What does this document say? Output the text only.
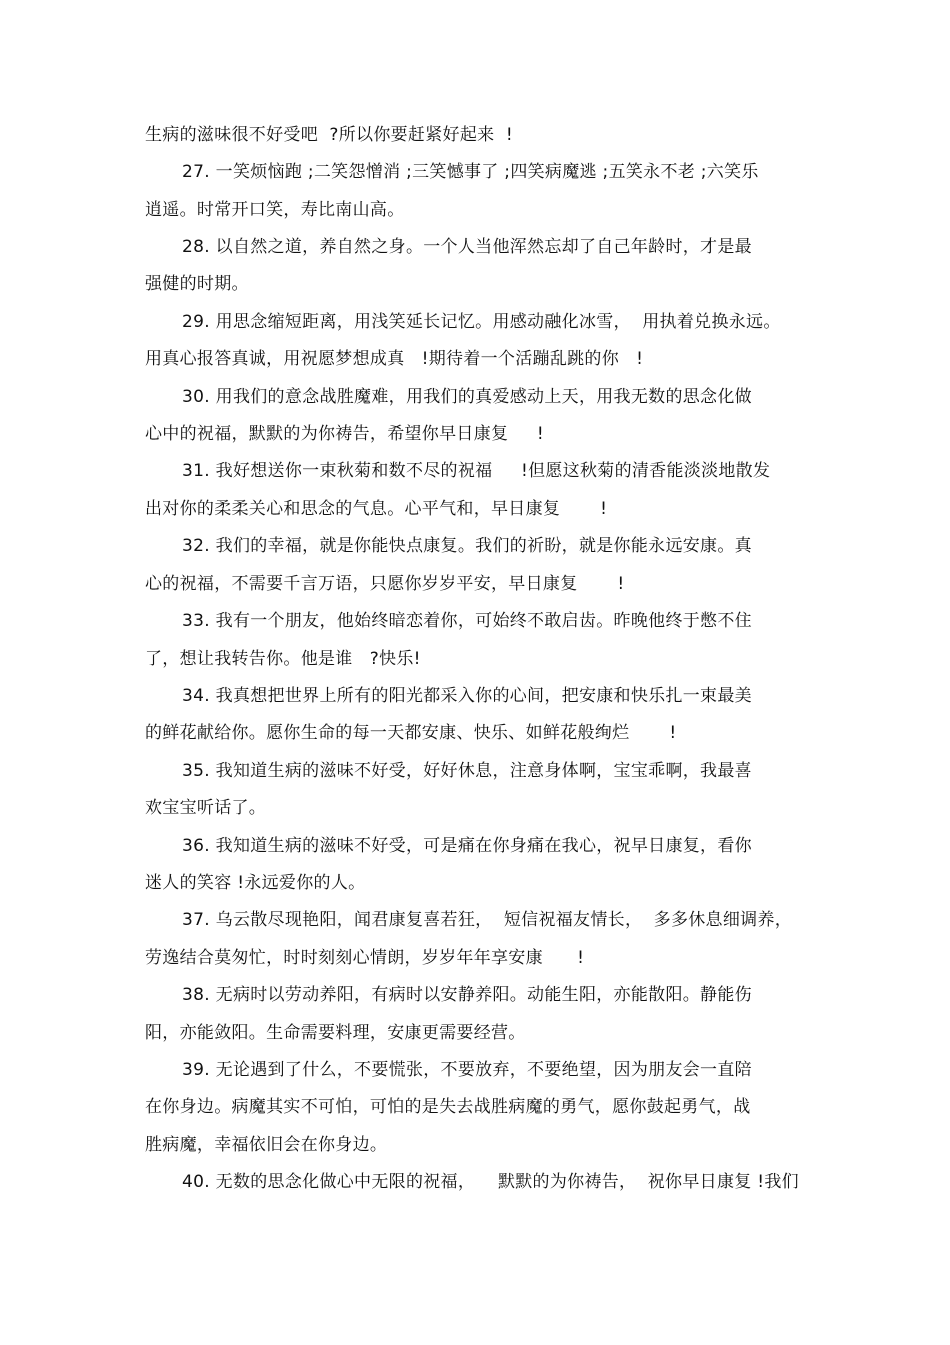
生病的滋味很不好受吧  ?所以你要赶紧好起来  !
27. 一笑烦恼跑 ;二笑怨憎消 ;三笑憾事了 ;四笑病魔逃 ;五笑永不老 ;六笑乐
逍遥。时常开口笑，寿比南山高。
28. 以自然之道，养自然之身。一个人当他浑然忘却了自己年龄时，才是最
强健的时期。
29. 用思念缩短距离，用浅笑延长记忆。用感动融化冰雪，  用执着兑换永远。
用真心报答真诚，用祝愿梦想成真   !期待着一个活蹦乱跳的你   !
30. 用我们的意念战胜魔难，用我们的真爱感动上天，用我无数的思念化做
心中的祝福，默默的为你祷告，希望你早日康复     !
31. 我好想送你一束秋菊和数不尽的祝福     !但愿这秋菊的清香能淡淡地散发
出对你的柔柔关心和思念的气息。心平气和，早日康复       !
32. 我们的幸福，就是你能快点康复。我们的祈盼，就是你能永远安康。真
心的祝福，不需要千言万语，只愿你岁岁平安，早日康复       !
33. 我有一个朋友，他始终暗恋着你，可始终不敢启齿。昨晚他终于憋不住
了，想让我转告你。他是谁   ?快乐!
34. 我真想把世界上所有的阳光都采入你的心间，把安康和快乐扎一束最美
的鲜花献给你。愿你生命的每一天都安康、快乐、如鲜花般绚烂       !
35. 我知道生病的滋味不好受，好好休息，注意身体啊，宝宝乖啊，我最喜
欢宝宝听话了。
36. 我知道生病的滋味不好受，可是痛在你身痛在我心，祝早日康复，看你
迷人的笑容 !永远爱你的人。
37. 乌云散尽现艳阳，闻君康复喜若狂，  短信祝福友情长，  多多休息细调养，
劳逸结合莫匆忙，时时刻刻心情朗，岁岁年年享安康      !
38. 无病时以劳动养阳，有病时以安静养阳。动能生阳，亦能散阳。静能伤
阳，亦能敛阳。生命需要料理，安康更需要经营。
39. 无论遇到了什么，不要慌张，不要放弃，不要绝望，因为朋友会一直陪
在你身边。病魔其实不可怕，可怕的是失去战胜病魔的勇气，愿你鼓起勇气，战
胜病魔，幸福依旧会在你身边。
40. 无数的思念化做心中无限的祝福，    默默的为你祷告，  祝你早日康复 !我们
